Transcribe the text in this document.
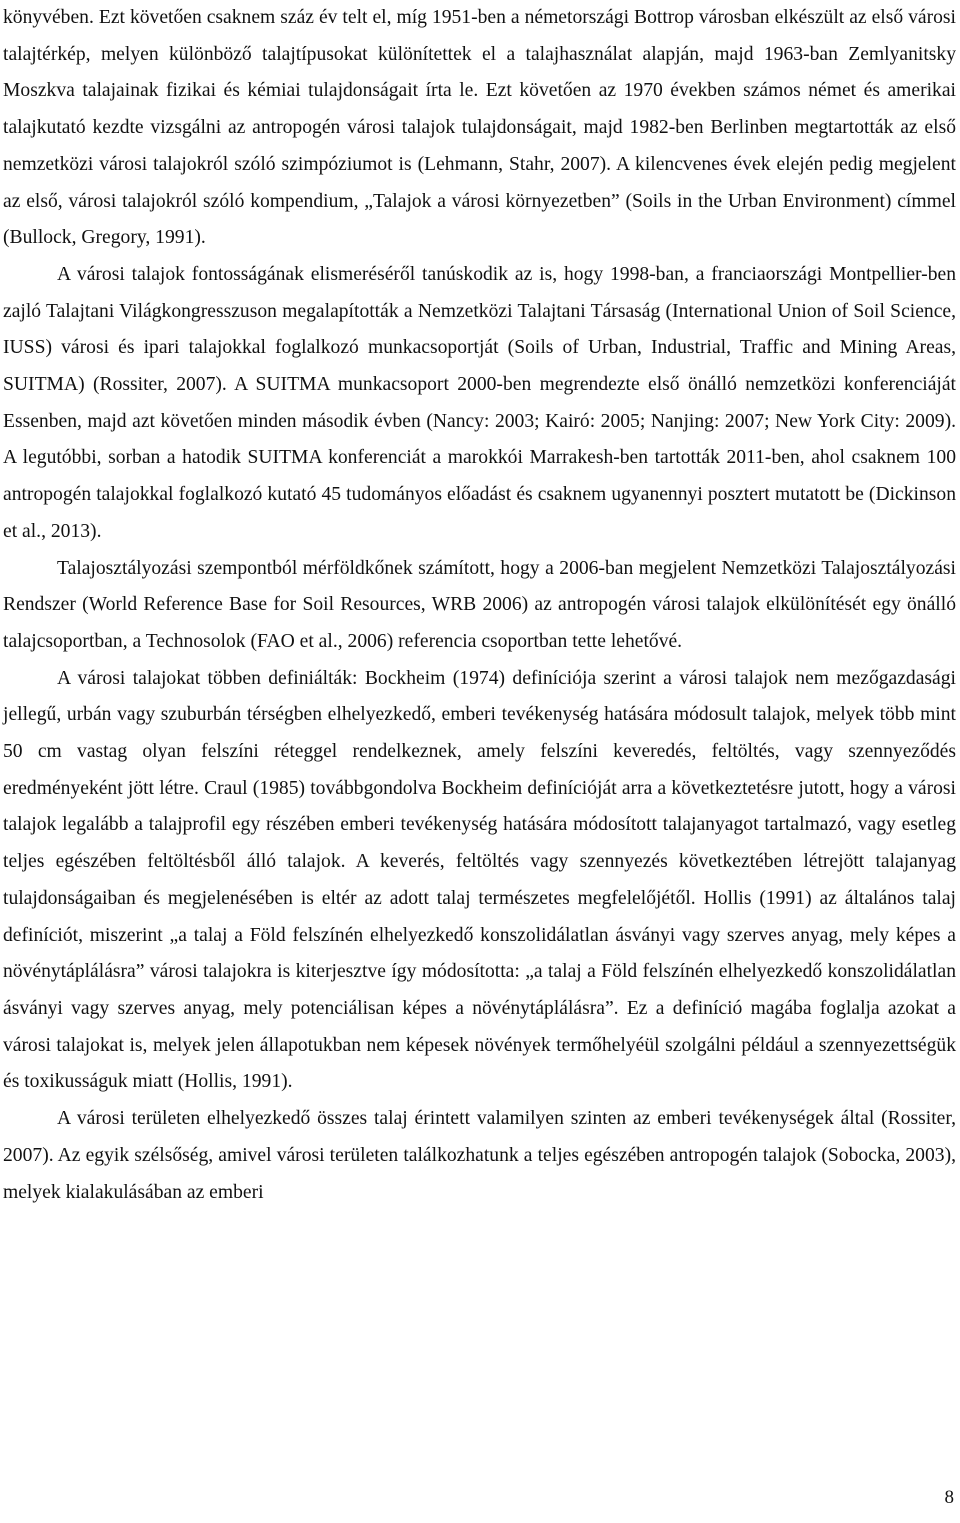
könyvében. Ezt követően csaknem száz év telt el, míg 1951-ben a németországi Bottrop városban elkészült az első városi talajtérkép, melyen különböző talajtípusokat különítettek el a talajhasználat alapján, majd 1963-ban Zemlyanitsky Moszkva talajainak fizikai és kémiai tulajdonságait írta le. Ezt követően az 1970 években számos német és amerikai talajkutató kezdte vizsgálni az antropogén városi talajok tulajdonságait, majd 1982-ben Berlinben megtartották az első nemzetközi városi talajokról szóló szimpóziumot is (Lehmann, Stahr, 2007). A kilencvenes évek elején pedig megjelent az első, városi talajokról szóló kompendium, „Talajok a városi környezetben” (Soils in the Urban Environment) címmel (Bullock, Gregory, 1991).

A városi talajok fontosságának elismeréséről tanúskodik az is, hogy 1998-ban, a franciaországi Montpellier-ben zajló Talajtani Világkongresszuson megalapították a Nemzetközi Talajtani Társaság (International Union of Soil Science, IUSS) városi és ipari talajokkal foglalkozó munkacsoportját (Soils of Urban, Industrial, Traffic and Mining Areas, SUITMA) (Rossiter, 2007). A SUITMA munkacsoport 2000-ben megrendezte első önálló nemzetközi konferenciáját Essenben, majd azt követően minden második évben (Nancy: 2003; Kairó: 2005; Nanjing: 2007; New York City: 2009). A legutóbbi, sorban a hatodik SUITMA konferenciát a marokkói Marrakesh-ben tartották 2011-ben, ahol csaknem 100 antropogén talajokkal foglalkozó kutató 45 tudományos előadást és csaknem ugyanennyi posztert mutatott be (Dickinson et al., 2013).

Talajosztályozási szempontból mérföldkőnek számított, hogy a 2006-ban megjelent Nemzetközi Talajosztályozási Rendszer (World Reference Base for Soil Resources, WRB 2006) az antropogén városi talajok elkülönítését egy önálló talajcsoportban, a Technosolok (FAO et al., 2006) referencia csoportban tette lehetővé.

A városi talajokat többen definiálták: Bockheim (1974) definíciója szerint a városi talajok nem mezőgazdasági jellegű, urbán vagy szuburbán térségben elhelyezkedő, emberi tevékenység hatására módosult talajok, melyek több mint 50 cm vastag olyan felszíni réteggel rendelkeznek, amely felszíni keveredés, feltöltés, vagy szennyeződés eredményeként jött létre. Craul (1985) továbbgondolva Bockheim definícióját arra a következtetésre jutott, hogy a városi talajok legalább a talajprofil egy részében emberi tevékenység hatására módosított talajanyagot tartalmazó, vagy esetleg teljes egészében feltöltésből álló talajok. A keverés, feltöltés vagy szennyezés következtében létrejött talajanyag tulajdonságaiban és megjelenésében is eltér az adott talaj természetes megfelelőjétől. Hollis (1991) az általános talaj definíciót, miszerint „a talaj a Föld felszínén elhelyezkedő konszolidálatlan ásványi vagy szerves anyag, mely képes a növénytáplálásra” városi talajokra is kiterjesztve így módosította: „a talaj a Föld felszínén elhelyezkedő konszolidálatlan ásványi vagy szerves anyag, mely potenciálisan képes a növénytáplálásra”. Ez a definíció magába foglalja azokat a városi talajokat is, melyek jelen állapotukban nem képesek növények termőhelyéül szolgálni például a szennyezettségük és toxikusságuk miatt (Hollis, 1991).

A városi területen elhelyezkedő összes talaj érintett valamilyen szinten az emberi tevékenységek által (Rossiter, 2007). Az egyik szélsőség, amivel városi területen találkozhatunk a teljes egészében antropogén talajok (Sobocka, 2003), melyek kialakulásában az emberi

8
